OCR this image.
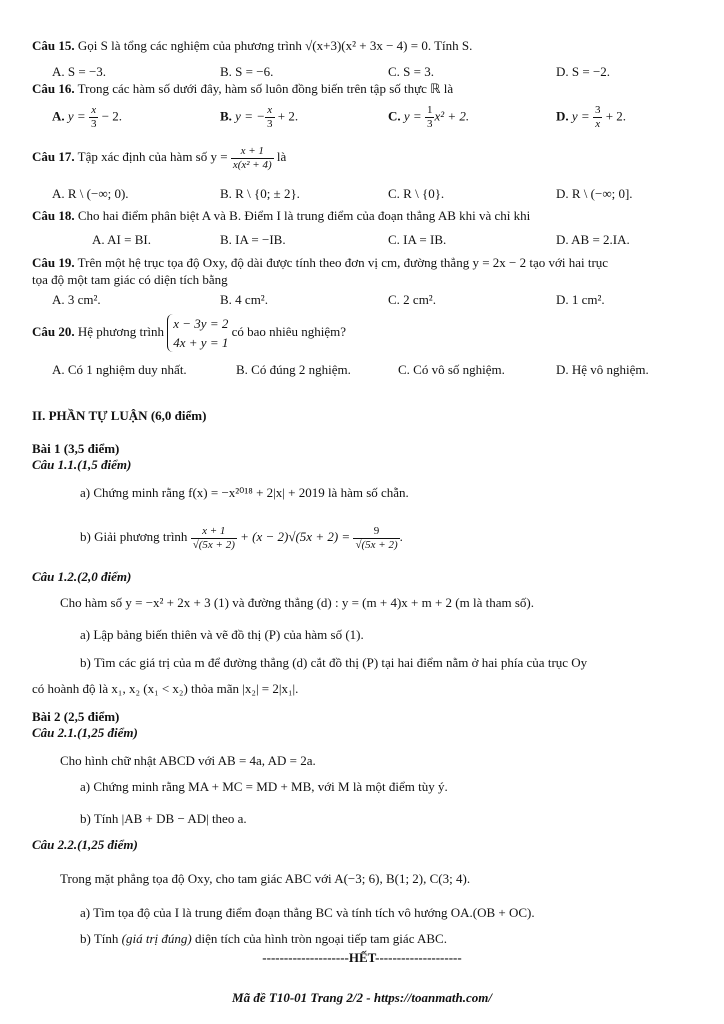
Câu 15. Gọi S là tổng các nghiệm của phương trình √(x+3)(x² + 3x − 4) = 0. Tính S.
A. S = −3.	B. S = −6.	C. S = 3.	D. S = −2.
Câu 16. Trong các hàm số dưới đây, hàm số luôn đồng biến trên tập số thực ℝ là
A. $y = \frac{x}{3} - 2$.	B. y = − $\frac{x}{3} + 2$.	C. $y = \frac{1}{3} x^2 + 2$.	D. $y = \frac{3}{x} + 2$.
Câu 17. Tập xác định của hàm số $y = \frac{x + 1}{\text{x(x² + 4)}}$ là
A. R \ (−∞; 0).	B. R \ {0; ± 2}.	C. R \ {0}.	D. R \ (−∞; 0].
Câu 18. Cho hai điểm phân biệt A và B. Điểm I là trung điểm của đoạn thẳng AB khi và chỉ khi
A. AI = BI.	B. IA = −IB.	C. IA = IB.	D. AB = 2.IA.
Câu 19. Trên một hệ trục tọa độ Oxy, độ dài được tính theo đơn vị cm, đường thẳng y = 2x − 2 tạo với hai trục
tọa độ một tam giác có diện tích bằng
A. 3 cm².	B. 4 cm².	C. 2 cm².	D. 1 cm².
Câu 20. Hệ phương trình
x − 3y = 2
4x + y = 1
có bao nhiêu nghiệm?
A. Có 1 nghiệm duy nhất.	B. Có đúng 2 nghiệm.	C. Có vô số nghiệm.	D. Hệ vô nghiệm.
II. PHẦN TỰ LUẬN (6,0 điểm)
Bài 1 (3,5 điểm)
Câu 1.1.(1,5 điểm)
a) Chứng minh rằng f(x) = −x²⁰¹⁸ + 2|x| + 2019 là hàm số chẵn.
b) Giải phương trình $\frac{x + 1}{√(5x + 2)} + (x - 2)√(5x + 2) = \frac{9}{√(5x + 2)}$ .
Câu 1.2.(2,0 điểm)
Cho hàm số y = −x² + 2x + 3 (1) và đường thẳng (d) : y = (m + 4)x + m + 2 (m là tham số).
a) Lập bảng biến thiên và vẽ đồ thị (P) của hàm số (1).
b) Tìm các giá trị của m để đường thẳng (d) cắt đồ thị (P) tại hai điểm nằm ở hai phía của trục Oy
có hoành độ là x₁, x₂ (x₁ < x₂) thỏa mãn |x₂| = 2|x₁|.
Bài 2 (2,5 điểm)
Câu 2.1.(1,25 điểm)
Cho hình chữ nhật ABCD với AB = 4a, AD = 2a.
a) Chứng minh rằng MA + MC = MD + MB, với M là một điểm tùy ý.
b) Tính |AB + DB − AD| theo a.
Câu 2.2.(1,25 điểm)
Trong mặt phẳng tọa độ Oxy, cho tam giác ABC với A(−3; 6), B(1; 2), C(3; 4).
a) Tìm tọa độ của I là trung điểm đoạn thẳng BC và tính tích vô hướng OA.(OB + OC).
b) Tính (giá trị đúng) diện tích của hình tròn ngoại tiếp tam giác ABC.
--------------------HẾT--------------------
Mã đề T10-01 Trang 2/2 - https://toanmath.com/
